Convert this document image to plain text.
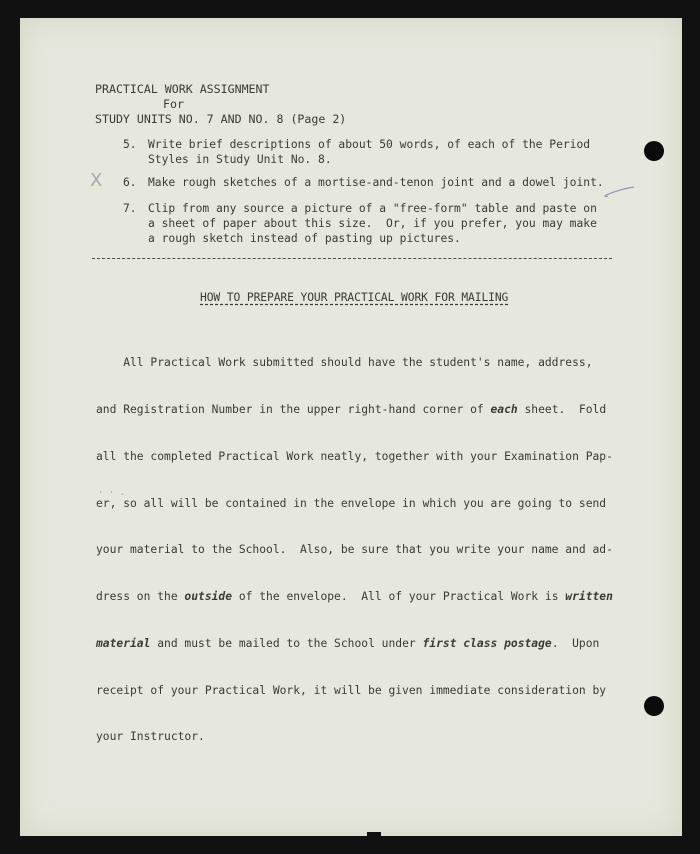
PRACTICAL WORK ASSIGNMENT
For
STUDY UNITS NO. 7 AND NO. 8 (Page 2)
5. Write brief descriptions of about 50 words, of each of the Period
Styles in Study Unit No. 8.
X 6. Make rough sketches of a mortise-and-tenon joint and a dowel joint.
7. Clip from any source a picture of a "free-form" table and paste on
a sheet of paper about this size.  Or, if you prefer, you may make
a rough sketch instead of pasting up pictures.
HOW TO PREPARE YOUR PRACTICAL WORK FOR MAILING

All Practical Work submitted should have the student's name, address,

and Registration Number in the upper right-hand corner of each sheet.  Fold

all the completed Practical Work neatly, together with your Examination Pap-

er, so all will be contained in the envelope in which you are going to send

your material to the School.  Also, be sure that you write your name and ad-

dress on the outside of the envelope.  All of your Practical Work is written

material and must be mailed to the School under first class postage.  Upon

receipt of your Practical Work, it will be given immediate consideration by

your Instructor.

· · .
